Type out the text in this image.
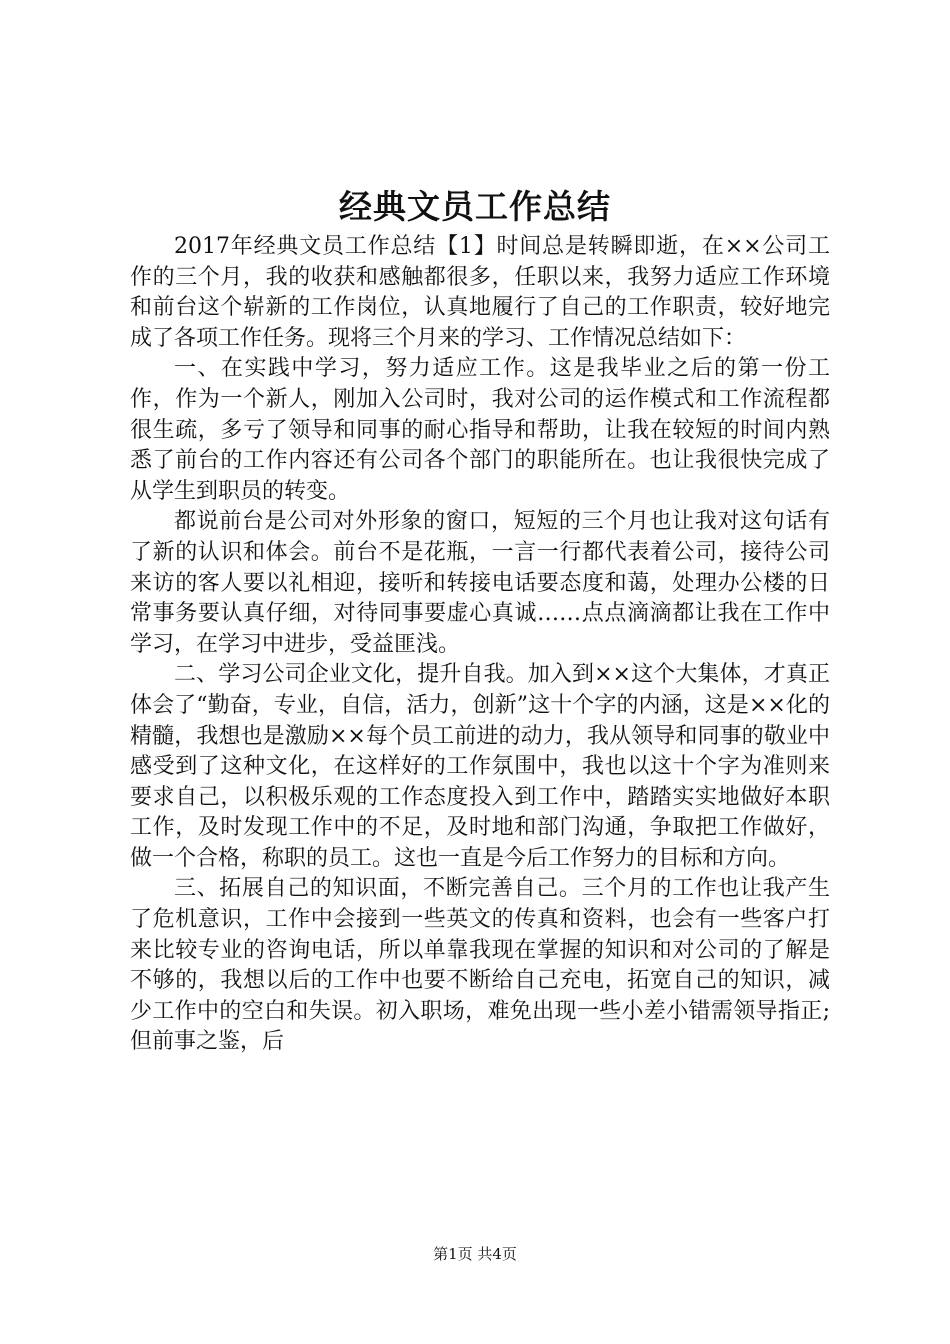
经典文员工作总结

2017年经典文员工作总结【1】时间总是转瞬即逝，在××公司工作的三个月，我的收获和感触都很多，任职以来，我努力适应工作环境和前台这个崭新的工作岗位，认真地履行了自己的工作职责，较好地完成了各项工作任务。现将三个月来的学习、工作情况总结如下：

一、在实践中学习，努力适应工作。这是我毕业之后的第一份工作，作为一个新人，刚加入公司时，我对公司的运作模式和工作流程都很生疏，多亏了领导和同事的耐心指导和帮助，让我在较短的时间内熟悉了前台的工作内容还有公司各个部门的职能所在。也让我很快完成了从学生到职员的转变。

都说前台是公司对外形象的窗口，短短的三个月也让我对这句话有了新的认识和体会。前台不是花瓶，一言一行都代表着公司，接待公司来访的客人要以礼相迎，接听和转接电话要态度和蔼，处理办公楼的日常事务要认真仔细，对待同事要虚心真诚……点点滴滴都让我在工作中学习，在学习中进步，受益匪浅。

二、学习公司企业文化，提升自我。加入到××这个大集体，才真正体会了“勤奋，专业，自信，活力，创新”这十个字的内涵，这是××化的精髓，我想也是激励××每个员工前进的动力，我从领导和同事的敬业中感受到了这种文化，在这样好的工作氛围中，我也以这十个字为准则来要求自己，以积极乐观的工作态度投入到工作中，踏踏实实地做好本职工作，及时发现工作中的不足，及时地和部门沟通，争取把工作做好，做一个合格，称职的员工。这也一直是今后工作努力的目标和方向。

三、拓展自己的知识面，不断完善自己。三个月的工作也让我产生了危机意识，工作中会接到一些英文的传真和资料，也会有一些客户打来比较专业的咨询电话，所以单靠我现在掌握的知识和对公司的了解是不够的，我想以后的工作中也要不断给自己充电，拓宽自己的知识，减少工作中的空白和失误。初入职场，难免出现一些小差小错需领导指正;但前事之鉴，后

第1页 共4页
